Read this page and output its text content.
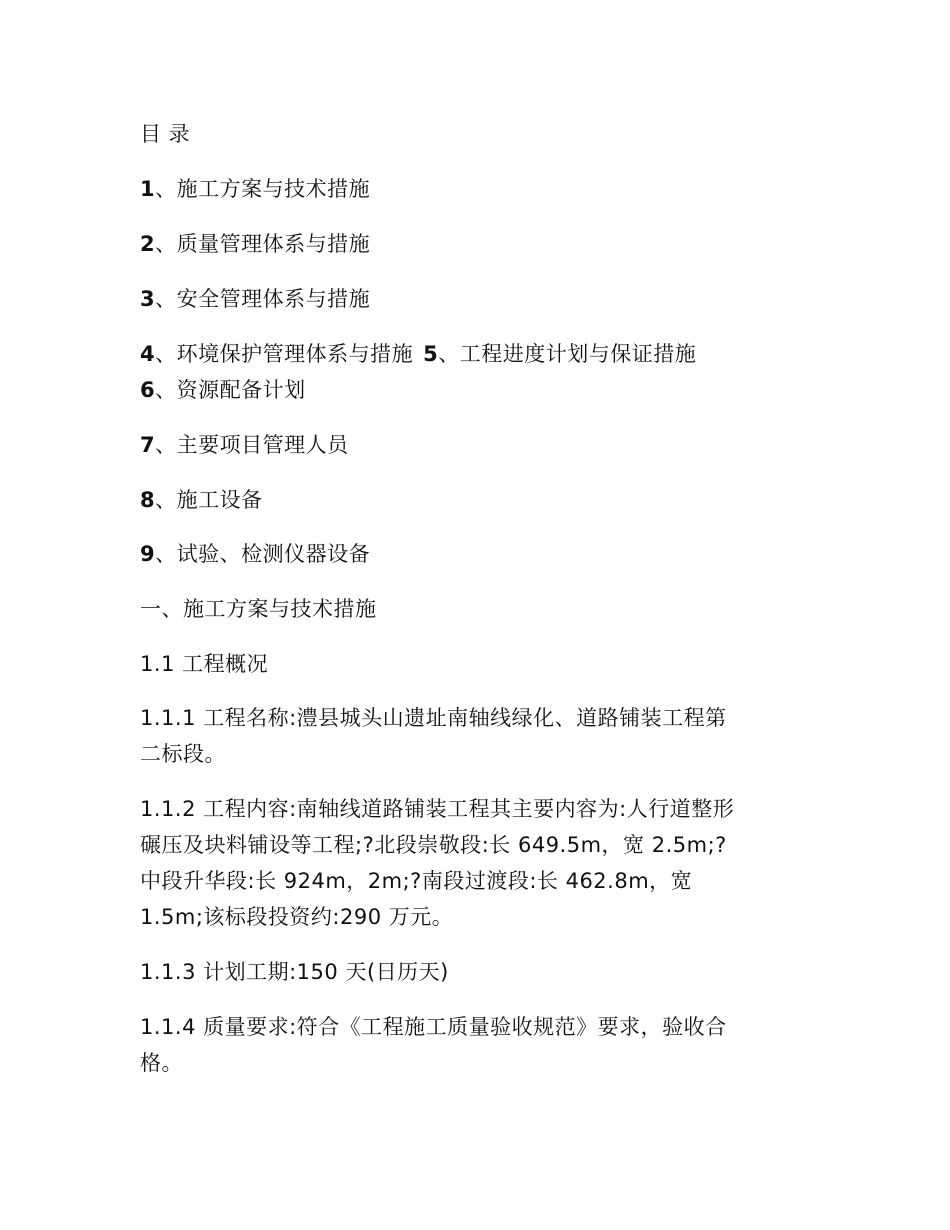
目 录
1、施工方案与技术措施
2、质量管理体系与措施
3、安全管理体系与措施
4、环境保护管理体系与措施 5、工程进度计划与保证措施
6、资源配备计划
7、主要项目管理人员
8、施工设备
9、试验、检测仪器设备
一、施工方案与技术措施
1.1 工程概况
1.1.1 工程名称:澧县城头山遗址南轴线绿化、道路铺装工程第
二标段。
1.1.2 工程内容:南轴线道路铺装工程其主要内容为:人行道整形
碾压及块料铺设等工程;?北段崇敬段:长 649.5m，宽 2.5m;?
中段升华段:长 924m，2m;?南段过渡段:长 462.8m，宽
1.5m;该标段投资约:290 万元。
1.1.3 计划工期:150 天(日历天)
1.1.4 质量要求:符合《工程施工质量验收规范》要求，验收合
格。
